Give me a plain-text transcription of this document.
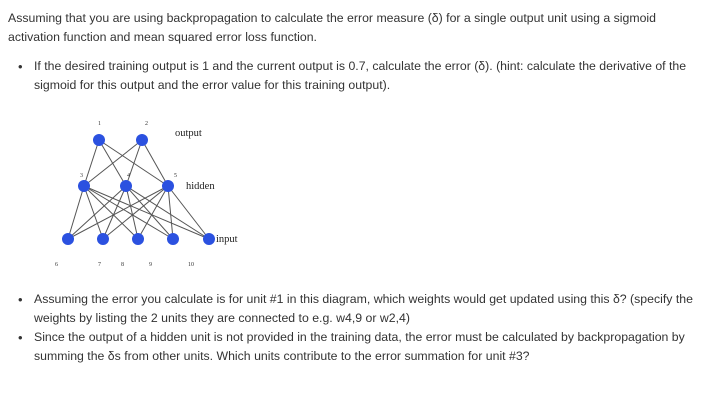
Assuming that you are using backpropagation to calculate the error measure (δ) for a single output unit using a sigmoid activation function and mean squared error loss function.

• If the desired training output is 1 and the current output is 0.7, calculate the error (δ). (hint: calculate the derivative of the sigmoid for this output and the error value for this training output).
1	2
3	4	5
6	7	8	9	10
output
hidden
input
• Assuming the error you calculate is for unit #1 in this diagram, which weights would get updated using this δ? (specify the weights by listing the 2 units they are connected to e.g. w4,9 or w2,4)
• Since the output of a hidden unit is not provided in the training data, the error must be calculated by backpropagation by summing the δs from other units. Which units contribute to the error summation for unit #3?
